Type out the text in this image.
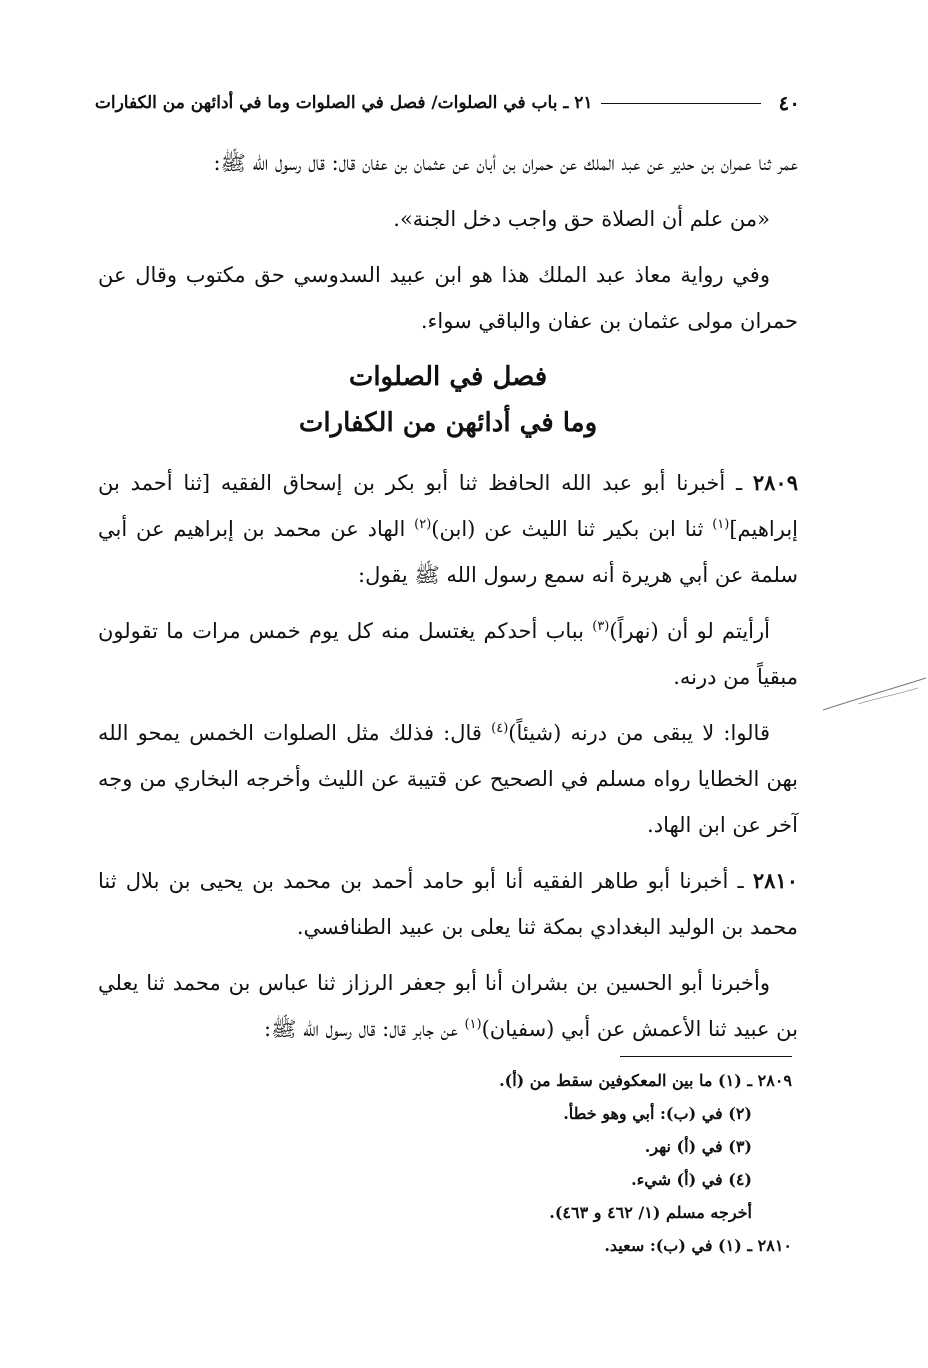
٤٠
٢١ ـ باب في الصلوات/ فصل في الصلوات وما في أدائهن من الكفارات

عمر ثنا عمران بن حدير عن عبد الملك عن حمران بن أبان عن عثمان بن عفان قال: قال رسول الله ﷺ:

«من علم أن الصلاة حق واجب دخل الجنة».

وفي رواية معاذ عبد الملك هذا هو ابن عبيد السدوسي حق مكتوب وقال عن حمران مولى عثمان بن عفان والباقي سواء.

فصل في الصلوات
وما في أدائهن من الكفارات

٢٨٠٩ ـ أخبرنا أبو عبد الله الحافظ ثنا أبو بكر بن إسحاق الفقيه [ثنا أحمد بن إبراهيم]$^{(١)}$ ثنا ابن بكير ثنا الليث عن (ابن)$^{(٢)}$ الهاد عن محمد بن إبراهيم عن أبي سلمة عن أبي هريرة أنه سمع رسول الله ﷺ يقول:

أرأيتم لو أن (نهراً)$^{(٣)}$ بباب أحدكم يغتسل منه كل يوم خمس مرات ما تقولون مبقياً من درنه.

قالوا: لا يبقى من درنه (شيئاً)$^{(٤)}$ قال: فذلك مثل الصلوات الخمس يمحو الله بهن الخطايا رواه مسلم في الصحيح عن قتيبة عن الليث وأخرجه البخاري من وجه آخر عن ابن الهاد.

٢٨١٠ ـ أخبرنا أبو طاهر الفقيه أنا أبو حامد أحمد بن محمد بن يحيى بن بلال ثنا محمد بن الوليد البغدادي بمكة ثنا يعلى بن عبيد الطنافسي.

وأخبرنا أبو الحسين بن بشران أنا أبو جعفر الرزاز ثنا عباس بن محمد ثنا يعلي بن عبيد ثنا الأعمش عن أبي (سفيان)$^{(١)}$ عن جابر قال: قال رسول الله ﷺ:

٢٨٠٩ ـ (١) ما بين المعكوفين سقط من (أ).
(٢) في (ب): أبي وهو خطأ.
(٣) في (أ) نهر.
(٤) في (أ) شيء.
أخرجه مسلم (١/ ٤٦٢ و ٤٦٣).
٢٨١٠ ـ (١) في (ب): سعيد.
